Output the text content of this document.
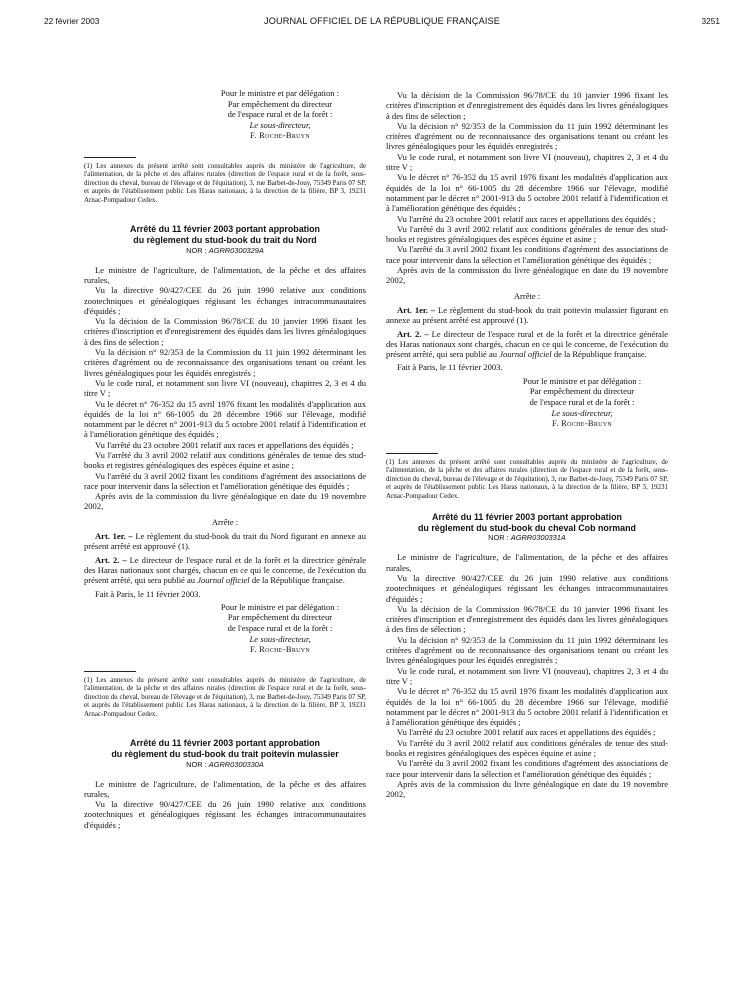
22 février 2003	JOURNAL OFFICIEL DE LA RÉPUBLIQUE FRANÇAISE	3251
Pour le ministre et par délégation :
Par empêchement du directeur
de l'espace rural et de la forêt :
Le sous-directeur,
F. Roche-Bruyn
(1) Les annexes du présent arrêté sont consultables auprès du ministère de l'agriculture, de l'alimentation, de la pêche et des affaires rurales (direction de l'espace rural et de la forêt, sous-direction du cheval, bureau de l'élevage et de l'équitation), 3, rue Barbet-de-Jouy, 75349 Paris 07 SP, et auprès de l'établissement public Les Haras nationaux, à la direction de la filière, BP 3, 19231 Arnac-Pompadour Cedex.
Arrêté du 11 février 2003 portant approbation
du règlement du stud-book du trait du Nord
NOR : AGRR0300329A

Le ministre de l'agriculture, de l'alimentation, de la pêche et des affaires rurales,

Vu la directive 90/427/CEE du 26 juin 1990 relative aux conditions zootechniques et généalogiques régissant les échanges intracommunautaires d'équidés ;

Vu la décision de la Commission 96/78/CE du 10 janvier 1996 fixant les critères d'inscription et d'enregistrement des équidés dans les livres généalogiques à des fins de sélection ;

Vu la décision n° 92/353 de la Commission du 11 juin 1992 déterminant les critères d'agrément ou de reconnaissance des organisations tenant ou créant les livres généalogiques pour les équidés enregistrés ;

Vu le code rural, et notamment son livre VI (nouveau), chapitres 2, 3 et 4 du titre V ;

Vu le décret n° 76-352 du 15 avril 1976 fixant les modalités d'application aux équidés de la loi n° 66-1005 du 28 décembre 1966 sur l'élevage, modifié notamment par le décret n° 2001-913 du 5 octobre 2001 relatif à l'identification et à l'amélioration génétique des équidés ;

Vu l'arrêté du 23 octobre 2001 relatif aux races et appellations des équidés ;

Vu l'arrêté du 3 avril 2002 relatif aux conditions générales de tenue des stud-books et registres généalogiques des espèces équine et asine ;

Vu l'arrêté du 3 avril 2002 fixant les conditions d'agrément des associations de race pour intervenir dans la sélection et l'amélioration génétique des équidés ;

Après avis de la commission du livre généalogique en date du 19 novembre 2002,

Arrête :

Art. 1er. – Le règlement du stud-book du trait du Nord figurant en annexe au présent arrêté est approuvé (1).

Art. 2. – Le directeur de l'espace rural et de la forêt et la directrice générale des Haras nationaux sont chargés, chacun en ce qui le concerne, de l'exécution du présent arrêté, qui sera publié au Journal officiel de la République française.

Fait à Paris, le 11 février 2003.

Pour le ministre et par délégation :
Par empêchement du directeur
de l'espace rural et de la forêt :
Le sous-directeur,
F. Roche-Bruyn
(1) Les annexes du présent arrêté sont consultables auprès du ministère de l'agriculture, de l'alimentation, de la pêche et des affaires rurales (direction de l'espace rural et de la forêt, sous-direction du cheval, bureau de l'élevage et de l'équitation), 3, rue Barbet-de-Jouy, 75349 Paris 07 SP, et auprès de l'établissement public Les Haras nationaux, à la direction de la filière, BP 3, 19231 Arnac-Pompadour Cedex.
Arrêté du 11 février 2003 portant approbation
du règlement du stud-book du trait poitevin mulassier
NOR : AGRR0300330A

Le ministre de l'agriculture, de l'alimentation, de la pêche et des affaires rurales,

Vu la directive 90/427/CEE du 26 juin 1990 relative aux conditions zootechniques et généalogiques régissant les échanges intracommunautaires d'équidés ;

Vu la décision de la Commission 96/78/CE du 10 janvier 1996 fixant les critères d'inscription et d'enregistrement des équidés dans les livres généalogiques à des fins de sélection ;

Vu la décision n° 92/353 de la Commission du 11 juin 1992 déterminant les critères d'agrément ou de reconnaissance des organisations tenant ou créant les livres généalogiques pour les équidés enregistrés ;

Vu le code rural, et notamment son livre VI (nouveau), chapitres 2, 3 et 4 du titre V ;

Vu le décret n° 76-352 du 15 avril 1976 fixant les modalités d'application aux équidés de la loi n° 66-1005 du 28 décembre 1966 sur l'élevage, modifié notamment par le décret n° 2001-913 du 5 octobre 2001 relatif à l'identification et à l'amélioration génétique des équidés ;

Vu l'arrêté du 23 octobre 2001 relatif aux races et appellations des équidés ;

Vu l'arrêté du 3 avril 2002 relatif aux conditions générales de tenue des stud-books et registres généalogiques des espèces équine et asine ;

Vu l'arrêté du 3 avril 2002 fixant les conditions d'agrément des associations de race pour intervenir dans la sélection et l'amélioration génétique des équidés ;

Après avis de la commission du livre généalogique en date du 19 novembre 2002,

Arrête :

Art. 1er. – Le règlement du stud-book du trait poitevin mulassier figurant en annexe au présent arrêté est approuvé (1).

Art. 2. – Le directeur de l'espace rural et de la forêt et la directrice générale des Haras nationaux sont chargés, chacun en ce qui le concerne, de l'exécution du présent arrêté, qui sera publié au Journal officiel de la République française.

Fait à Paris, le 11 février 2003.

Pour le ministre et par délégation :
Par empêchement du directeur
de l'espace rural et de la forêt :
Le sous-directeur,
F. Roche-Bruyn
(1) Les annexes du présent arrêté sont consultables auprès du ministère de l'agriculture, de l'alimentation, de la pêche et des affaires rurales (direction de l'espace rural et de la forêt, sous-direction du cheval, bureau de l'élevage et de l'équitation), 3, rue Barbet-de-Jouy, 75349 Paris 07 SP, et auprès de l'établissement public Les Haras nationaux, à la direction de la filière, BP 3, 19231 Arnac-Pompadour Cedex.
Arrêté du 11 février 2003 portant approbation
du règlement du stud-book du cheval Cob normand
NOR : AGRR0300331A

Le ministre de l'agriculture, de l'alimentation, de la pêche et des affaires rurales,

Vu la directive 90/427/CEE du 26 juin 1990 relative aux conditions zootechniques et généalogiques régissant les échanges intracommunautaires d'équidés ;

Vu la décision de la Commission 96/78/CE du 10 janvier 1996 fixant les critères d'inscription et d'enregistrement des équidés dans les livres généalogiques à des fins de sélection ;

Vu la décision n° 92/353 de la Commission du 11 juin 1992 déterminant les critères d'agrément ou de reconnaissance des organisations tenant ou créant les livres généalogiques pour les équidés enregistrés ;

Vu le code rural, et notamment son livre VI (nouveau), chapitres 2, 3 et 4 du titre V ;

Vu le décret n° 76-352 du 15 avril 1976 fixant les modalités d'application aux équidés de la loi n° 66-1005 du 28 décembre 1966 sur l'élevage, modifié notamment par le décret n° 2001-913 du 5 octobre 2001 relatif à l'identification et à l'amélioration génétique des équidés ;

Vu l'arrêté du 23 octobre 2001 relatif aux races et appellations des équidés ;

Vu l'arrêté du 3 avril 2002 relatif aux conditions générales de tenue des stud-books et registres généalogiques des espèces équine et asine ;

Vu l'arrêté du 3 avril 2002 fixant les conditions d'agrément des associations de race pour intervenir dans la sélection et l'amélioration génétique des équidés ;

Après avis de la commission du livre généalogique en date du 19 novembre 2002,
